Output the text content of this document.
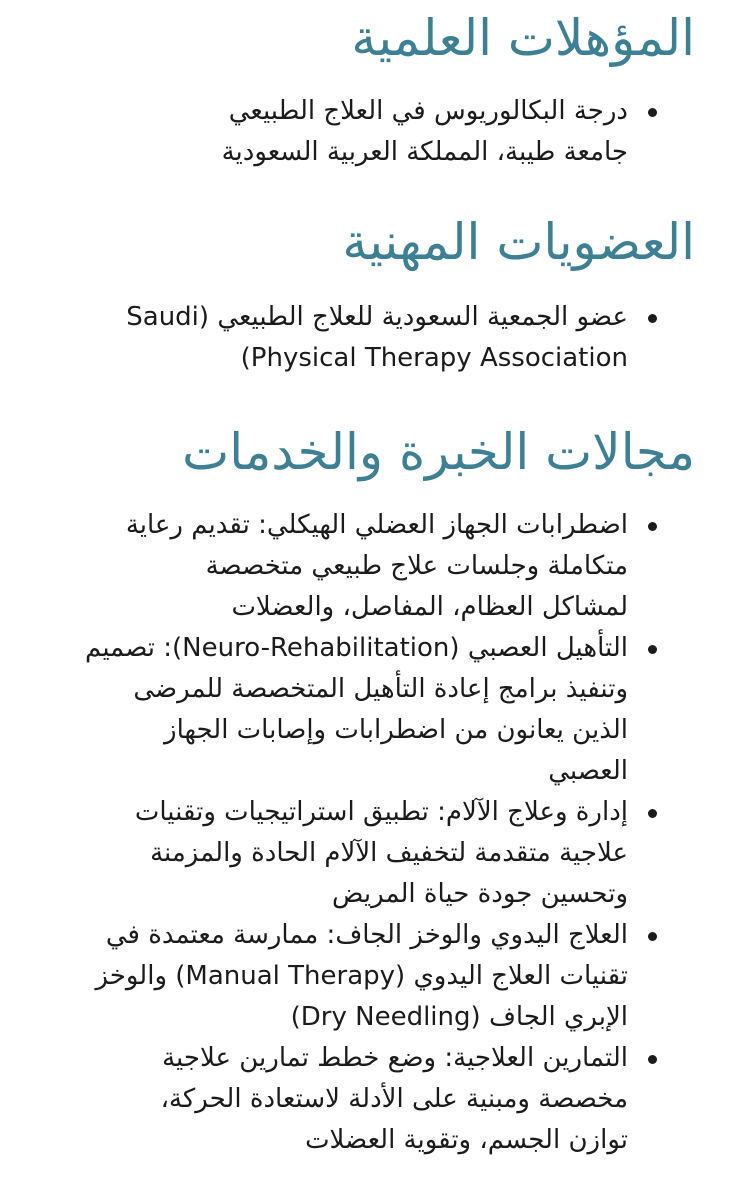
المؤهلات العلمية
درجة البكالوريوس في العلاج الطبيعي
جامعة طيبة، المملكة العربية السعودية
العضويات المهنية
عضو الجمعية السعودية للعلاج الطبيعي (Saudi
(Physical Therapy Association
مجالات الخبرة والخدمات
اضطرابات الجهاز العضلي الهيكلي: تقديم رعاية
متكاملة وجلسات علاج طبيعي متخصصة
لمشاكل العظام، المفاصل، والعضلات
التأهيل العصبي (Neuro-Rehabilitation): تصميم
وتنفيذ برامج إعادة التأهيل المتخصصة للمرضى
الذين يعانون من اضطرابات وإصابات الجهاز
العصبي
إدارة وعلاج الآلام: تطبيق استراتيجيات وتقنيات
علاجية متقدمة لتخفيف الآلام الحادة والمزمنة
وتحسين جودة حياة المريض
العلاج اليدوي والوخز الجاف: ممارسة معتمدة في
تقنيات العلاج اليدوي (Manual Therapy) والوخز
الإبري الجاف (Dry Needling)
التمارين العلاجية: وضع خطط تمارين علاجية
مخصصة ومبنية على الأدلة لاستعادة الحركة،
توازن الجسم، وتقوية العضلات
